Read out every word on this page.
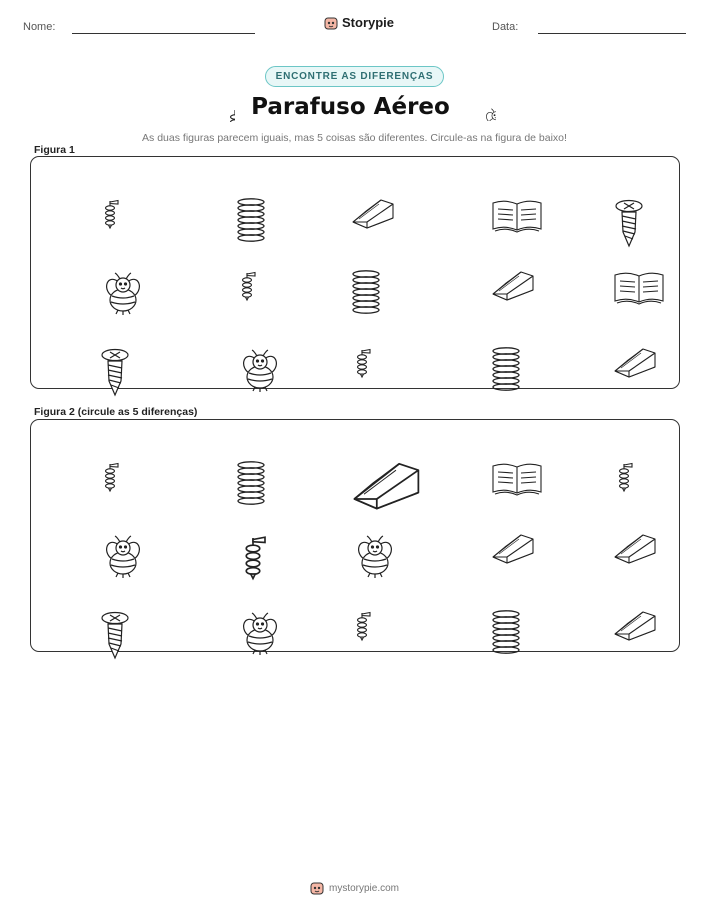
Nome:	Storypie	Data:
ENCONTRE AS DIFERENÇAS
Parafuso Aéreo
As duas figuras parecem iguais, mas 5 coisas são diferentes. Circule-as na figura de baixo!
Figura 1
Figura 2 (circule as 5 diferenças)
mystorypie.com
